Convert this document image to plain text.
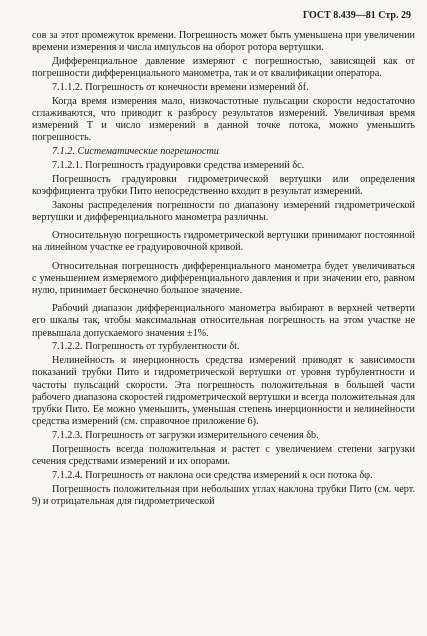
ГОСТ 8.439—81 Стр. 29

сов за этот промежуток времени. Погрешность может быть уменьшена при увеличении времени измерения и числа импульсов на оборот ротора вертушки.

Дифференциальное давление измеряют с погрешностью, зависящей как от погрешности дифференциального манометра, так и от квалификации оператора.

7.1.1.2. Погрешность от конечности времени измерений δf.

Когда время измерения мало, низкочастотные пульсации скорости недостаточно сглаживаются, что приводит к разбросу результатов измерений. Увеличивая время измерений T и число измерений в данной точке потока, можно уменьшить погрешность.

7.1.2. Систематические погрешности

7.1.2.1. Погрешность градуировки средства измерений δc.

Погрешность градуировки гидрометрической вертушки или определения коэффициента трубки Пито непосредственно входит в результат измерений.

Законы распределения погрешности по диапазону измерений гидрометрической вертушки и дифференциального манометра различны.

Относительную погрешность гидрометрической вертушки принимают постоянной на линейном участке ее градуировочной кривой.

Относительная погрешность дифференциального манометра будет увеличиваться с уменьшением измеряемого дифференциального давления и при значении его, равном нулю, принимает бесконечно большое значение.

Рабочий диапазон дифференциального манометра выбирают в верхней четверти его шкалы так, чтобы максимальная относительная погрешность на этом участке не превышала допускаемого значения ±1%.

7.1.2.2. Погрешность от турбулентности δt.

Нелинейность и инерционность средства измерений приводят к зависимости показаний трубки Пито и гидрометрической вертушки от уровня турбулентности и частоты пульсаций скорости. Эта погрешность положительная в большей части рабочего диапазона скоростей гидрометрической вертушки и всегда положительная для трубки Пито. Ее можно уменьшить, уменьшая степень инерционности и нелинейности средства измерений (см. справочное приложение 6).

7.1.2.3. Погрешность от загрузки измерительного сечения δb.

Погрешность всегда положительная и растет с увеличением степени загрузки сечения средствами измерений и их опорами.

7.1.2.4. Погрешность от наклона оси средства измерений к оси потока δφ.

Погрешность положительная при небольших углах наклона трубки Пито (см. черт. 9) и отрицательная для гидрометрической
